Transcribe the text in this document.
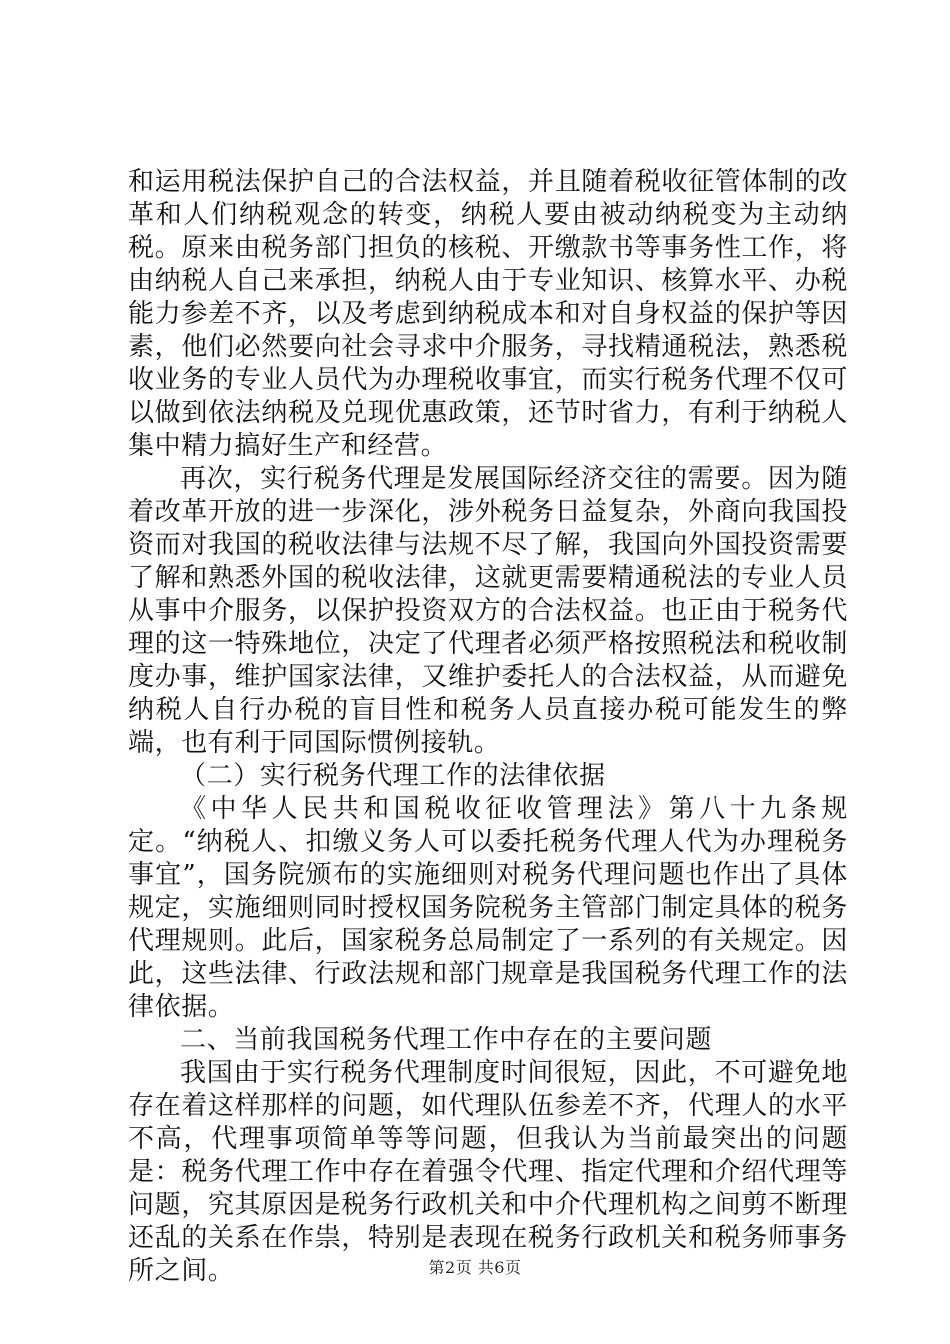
和运用税法保护自己的合法权益，并且随着税收征管体制的改革和人们纳税观念的转变，纳税人要由被动纳税变为主动纳税。原来由税务部门担负的核税、开缴款书等事务性工作，将由纳税人自己来承担，纳税人由于专业知识、核算水平、办税能力参差不齐，以及考虑到纳税成本和对自身权益的保护等因素，他们必然要向社会寻求中介服务，寻找精通税法，熟悉税收业务的专业人员代为办理税收事宜，而实行税务代理不仅可以做到依法纳税及兑现优惠政策，还节时省力，有利于纳税人集中精力搞好生产和经营。

再次，实行税务代理是发展国际经济交往的需要。因为随着改革开放的进一步深化，涉外税务日益复杂，外商向我国投资而对我国的税收法律与法规不尽了解，我国向外国投资需要了解和熟悉外国的税收法律，这就更需要精通税法的专业人员从事中介服务，以保护投资双方的合法权益。也正由于税务代理的这一特殊地位，决定了代理者必须严格按照税法和税收制度办事，维护国家法律，又维护委托人的合法权益，从而避免纳税人自行办税的盲目性和税务人员直接办税可能发生的弊端，也有利于同国际惯例接轨。

（二）实行税务代理工作的法律依据

《中华人民共和国税收征收管理法》第八十九条规定。“纳税人、扣缴义务人可以委托税务代理人代为办理税务事宜”，国务院颁布的实施细则对税务代理问题也作出了具体规定，实施细则同时授权国务院税务主管部门制定具体的税务代理规则。此后，国家税务总局制定了一系列的有关规定。因此，这些法律、行政法规和部门规章是我国税务代理工作的法律依据。

二、当前我国税务代理工作中存在的主要问题

我国由于实行税务代理制度时间很短，因此，不可避免地存在着这样那样的问题，如代理队伍参差不齐，代理人的水平不高，代理事项简单等等问题，但我认为当前最突出的问题是：税务代理工作中存在着强令代理、指定代理和介绍代理等问题，究其原因是税务行政机关和中介代理机构之间剪不断理还乱的关系在作祟，特别是表现在税务行政机关和税务师事务所之间。	第2页 共6页
